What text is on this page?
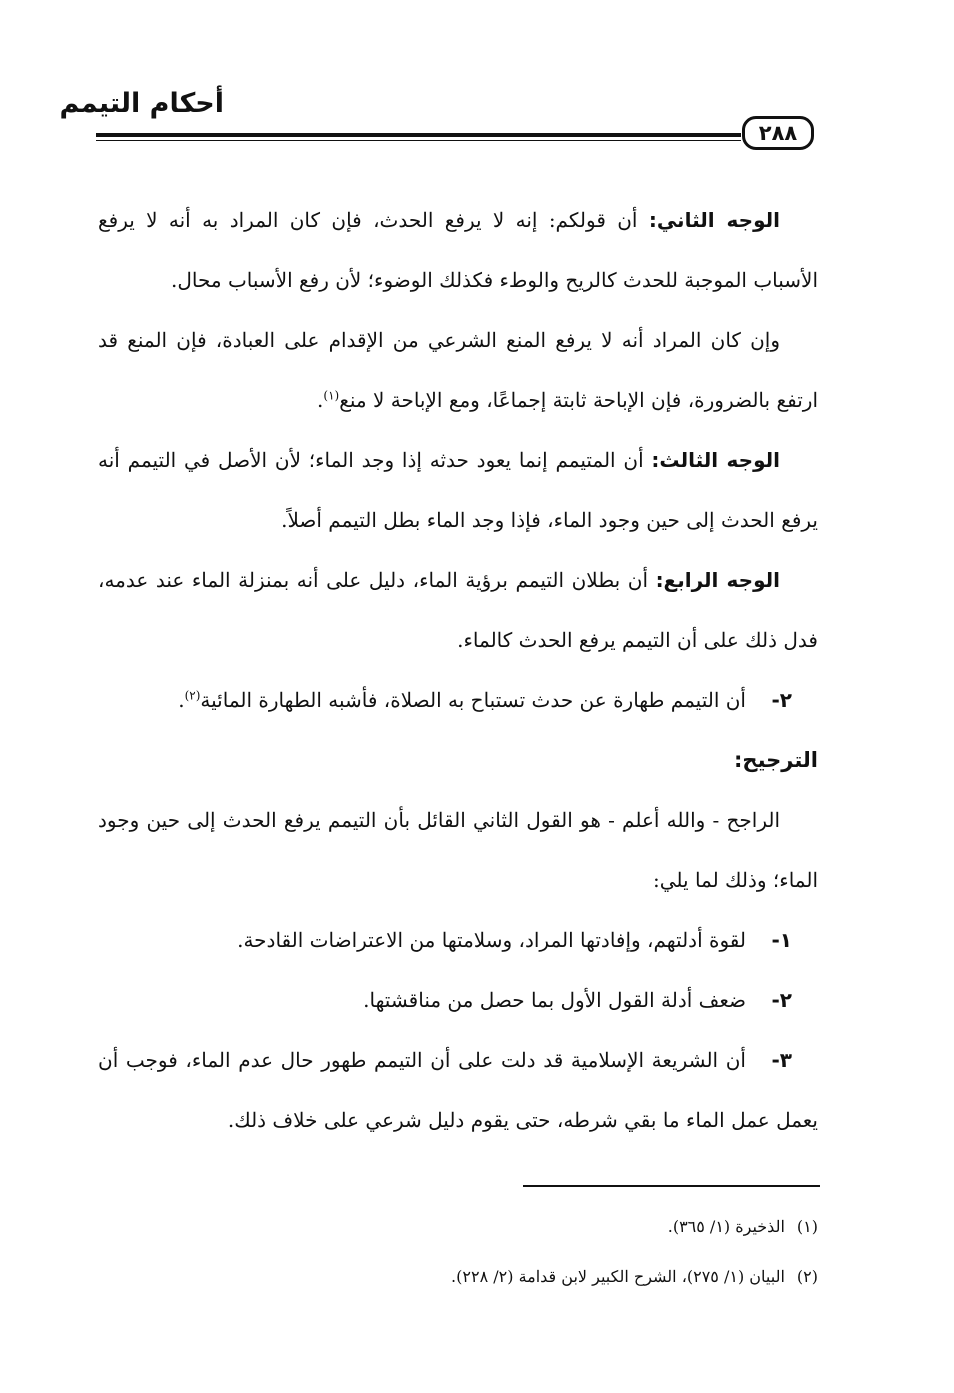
أحكام التيمم
٢٨٨

الوجه الثاني: أن قولكم: إنه لا يرفع الحدث، فإن كان المراد به أنه لا يرفع الأسباب الموجبة للحدث كالريح والوطء فكذلك الوضوء؛ لأن رفع الأسباب محال.

وإن كان المراد أنه لا يرفع المنع الشرعي من الإقدام على العبادة، فإن المنع قد ارتفع بالضرورة، فإن الإباحة ثابتة إجماعًا، ومع الإباحة لا منع$^{(١)}$.

الوجه الثالث: أن المتيمم إنما يعود حدثه إذا وجد الماء؛ لأن الأصل في التيمم أنه يرفع الحدث إلى حين وجود الماء، فإذا وجد الماء بطل التيمم أصلاً.

الوجه الرابع: أن بطلان التيمم برؤية الماء، دليل على أنه بمنزلة الماء عند عدمه، فدل ذلك على أن التيمم يرفع الحدث كالماء.

٢-
أن التيمم طهارة عن حدث تستباح به الصلاة، فأشبه الطهارة المائية$^{(٢)}$.

الترجيح:

الراجح - والله أعلم - هو القول الثاني القائل بأن التيمم يرفع الحدث إلى حين وجود الماء؛ وذلك لما يلي:

١-
لقوة أدلتهم، وإفادتها المراد، وسلامتها من الاعتراضات القادحة.

٢-
ضعف أدلة القول الأول بما حصل من مناقشتها.

٣-
أن الشريعة الإسلامية قد دلت على أن التيمم طهور حال عدم الماء، فوجب أن يعمل عمل الماء ما بقي شرطه، حتى يقوم دليل شرعي على خلاف ذلك.

(١)الذخيرة (١/ ٣٦٥).

(٢)البيان (١/ ٢٧٥)، الشرح الكبير لابن قدامة (٢/ ٢٢٨).
